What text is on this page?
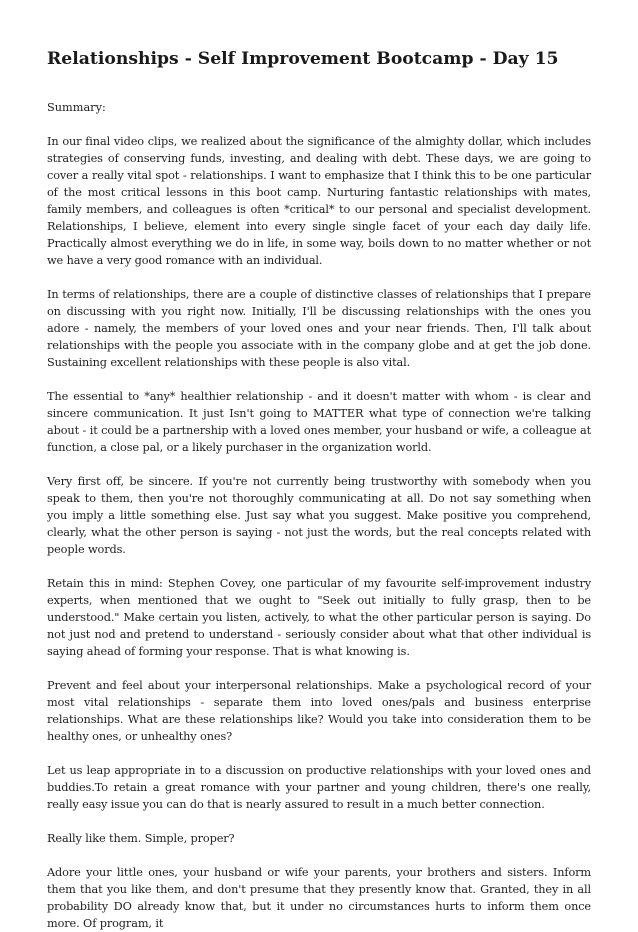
Relationships - Self Improvement Bootcamp - Day 15
Summary:

In our final video clips, we realized about the significance of the almighty dollar, which includes strategies of conserving funds, investing, and dealing with debt. These days, we are going to cover a really vital spot - relationships. I want to emphasize that I think this to be one particular of the most critical lessons in this boot camp. Nurturing fantastic relationships with mates, family members, and colleagues is often *critical* to our personal and specialist development. Relationships, I believe, element into every single single facet of your each day daily life. Practically almost everything we do in life, in some way, boils down to no matter whether or not we have a very good romance with an individual.

In terms of relationships, there are a couple of distinctive classes of relationships that I prepare on discussing with you right now. Initially, I'll be discussing relationships with the ones you adore - namely, the members of your loved ones and your near friends. Then, I'll talk about relationships with the people you associate with in the company globe and at get the job done. Sustaining excellent relationships with these people is also vital.

The essential to *any* healthier relationship - and it doesn't matter with whom - is clear and sincere communication. It just Isn't going to MATTER what type of connection we're talking about - it could be a partnership with a loved ones member, your husband or wife, a colleague at function, a close pal, or a likely purchaser in the organization world.

Very first off, be sincere. If you're not currently being trustworthy with somebody when you speak to them, then you're not thoroughly communicating at all. Do not say something when you imply a little something else. Just say what you suggest. Make positive you comprehend, clearly, what the other person is saying - not just the words, but the real concepts related with people words.

Retain this in mind: Stephen Covey, one particular of my favourite self-improvement industry experts, when mentioned that we ought to "Seek out initially to fully grasp, then to be understood." Make certain you listen, actively, to what the other particular person is saying. Do not just nod and pretend to understand - seriously consider about what that other individual is saying ahead of forming your response. That is what knowing is.

Prevent and feel about your interpersonal relationships. Make a psychological record of your most vital relationships - separate them into loved ones/pals and business enterprise relationships. What are these relationships like? Would you take into consideration them to be healthy ones, or unhealthy ones?

Let us leap appropriate in to a discussion on productive relationships with your loved ones and buddies.To retain a great romance with your partner and young children, there's one really, really easy issue you can do that is nearly assured to result in a much better connection.

Really like them. Simple, proper?

Adore your little ones, your husband or wife your parents, your brothers and sisters. Inform them that you like them, and don't presume that they presently know that. Granted, they in all probability DO already know that, but it under no circumstances hurts to inform them once more. Of program, it
